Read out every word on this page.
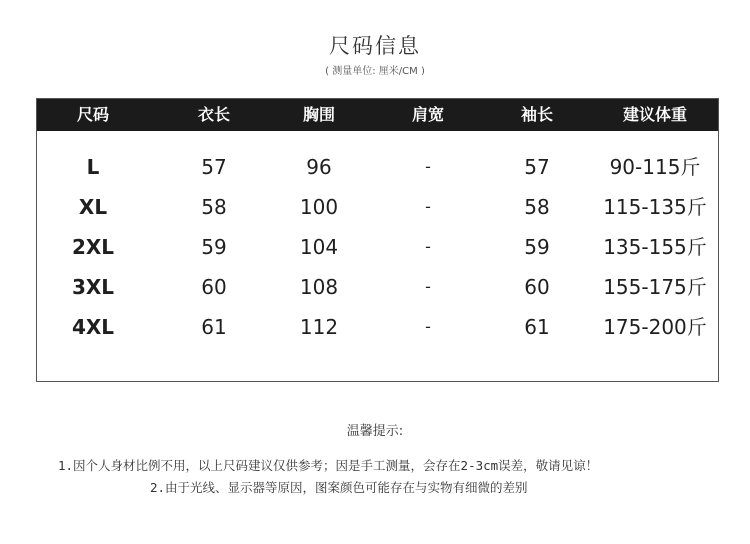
尺码信息
( 测量单位: 厘米/CM )
尺码	衣长	胸围	肩宽	袖长	建议体重
L	57	96	-	57	90-115斤
XL	58	100	-	58	115-135斤
2XL	59	104	-	59	135-155斤
3XL	60	108	-	60	155-175斤
4XL	61	112	-	61	175-200斤
温馨提示:
1.因个人身材比例不用，以上尺码建议仅供参考；因是手工测量，会存在2-3cm误差，敬请见谅！
2.由于光线、显示器等原因，图案颜色可能存在与实物有细微的差别
